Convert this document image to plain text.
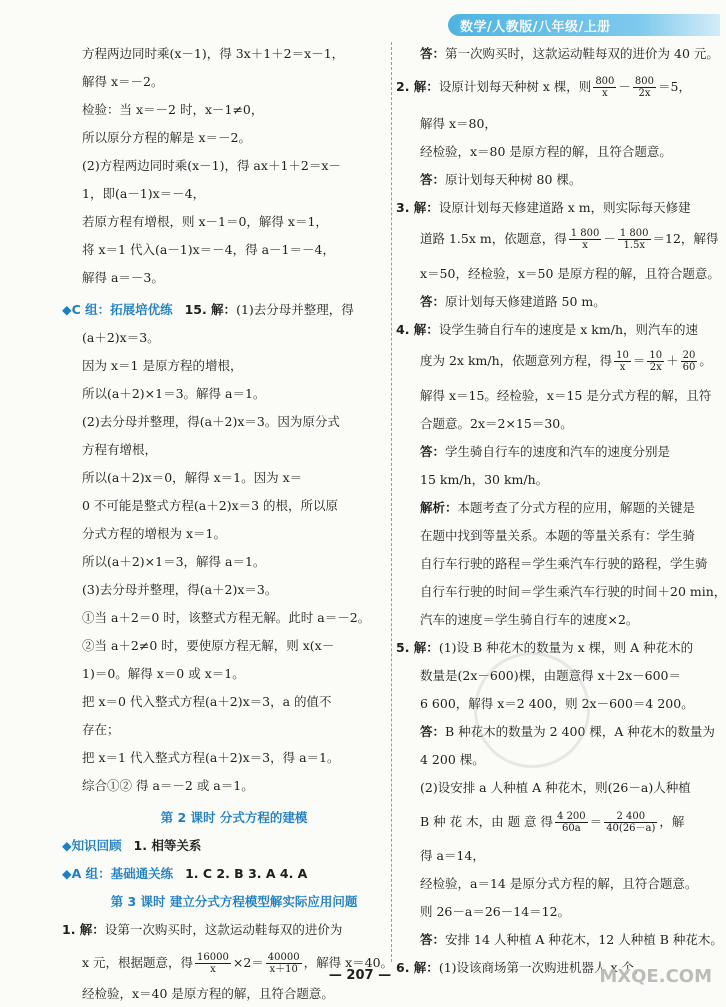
数学/人教版/八年级/上册
方程两边同时乘(x－1)，得 3x＋1＋2＝x－1，
解得 x＝－2。
检验：当 x＝－2 时，x－1≠0，
所以原分方程的解是 x＝－2。
(2)方程两边同时乘(x－1)，得 ax＋1＋2＝x－
1，即(a－1)x＝－4，
若原方程有增根，则 x－1＝0，解得 x＝1，
将 x＝1 代入(a－1)x＝－4，得 a－1＝－4，
解得 a＝－3。
◆C 组：拓展培优练 15. 解：(1)去分母并整理，得
(a＋2)x＝3。
因为 x＝1 是原方程的增根，
所以(a＋2)×1＝3。解得 a＝1。
(2)去分母并整理，得(a＋2)x＝3。因为原分式
方程有增根，
所以(a＋2)x＝0，解得 x＝1。因为 x＝
0 不可能是整式方程(a＋2)x＝3 的根，所以原
分式方程的增根为 x＝1。
所以(a＋2)×1＝3，解得 a＝1。
(3)去分母并整理，得(a＋2)x＝3。
①当 a＋2＝0 时，该整式方程无解。此时 a＝－2。
②当 a＋2≠0 时，要使原方程无解，则 x(x－
1)＝0。解得 x＝0 或 x＝1。
把 x＝0 代入整式方程(a＋2)x＝3，a 的值不
存在；
把 x＝1 代入整式方程(a＋2)x＝3，得 a＝1。
综合①② 得 a＝－2 或 a＝1。
第 2 课时 分式方程的建模
◆知识回顾 1. 相等关系
◆A 组：基础通关练 1. C 2. B 3. A 4. A
第 3 课时 建立分式方程模型解实际应用问题
1. 解：设第一次购买时，这款运动鞋每双的进价为
x 元，根据题意，得 $\frac{16000}{x} \times 2= \frac{40000}{x+10}$ ，解得 x＝40。
经检验，x＝40 是原方程的解，且符合题意。
答：第一次购买时，这款运动鞋每双的进价为 40 元。
2. 解：设原计划每天种树 x 棵，则 $\frac{800}{x} - \frac{800}{2x} =5$，
解得 x＝80，
经检验，x＝80 是原方程的解，且符合题意。
答：原计划每天种树 80 棵。
3. 解：设原计划每天修建道路 x m，则实际每天修建
道路 1.5x m，依题意，得 $\frac{1 800}{x} - \frac{1 800}{1.5x} =12$，解得
x＝50，经检验，x＝50 是原方程的解，且符合题意。
答：原计划每天修建道路 50 m。
4. 解：设学生骑自行车的速度是 x km/h，则汽车的速
度为 2x km/h，依题意列方程，得 $\frac{10}{x} = \frac{10}{2x} + \frac{20}{60}$ 。
解得 x＝15。经检验，x＝15 是分式方程的解，且符
合题意。2x＝2×15＝30。
答：学生骑自行车的速度和汽车的速度分别是
15 km/h，30 km/h。
解析：本题考查了分式方程的应用，解题的关键是
在题中找到等量关系。本题的等量关系有：学生骑
自行车行驶的路程＝学生乘汽车行驶的路程，学生骑
自行车行驶的时间＝学生乘汽车行驶的时间＋20 min，
汽车的速度＝学生骑自行车的速度×2。
5. 解：(1)设 B 种花木的数量为 x 棵，则 A 种花木的
数量是(2x－600)棵，由题意得 x＋2x－600＝
6 600，解得 x＝2 400，则 2x－600＝4 200。
答：B 种花木的数量为 2 400 棵，A 种花木的数量为
4 200 棵。
(2)设安排 a 人种植 A 种花木，则(26－a)人种植
B 种 花 木，由 题 意 得 $\frac{4 200}{60a} = \frac{2 400}{40(26-a)}$ ，解
得 a＝14，
经检验，a＝14 是原分式方程的解，且符合题意。
则 26－a＝26－14＝12。
答：安排 14 人种植 A 种花木，12 人种植 B 种花木。
6. 解：(1)设该商场第一次购进机器人 x 个，
— 207 —	MXQE.COM
